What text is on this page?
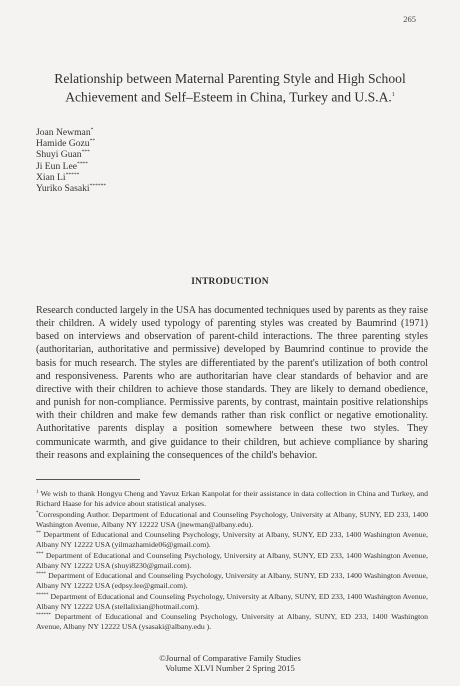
265
Relationship between Maternal Parenting Style and High School Achievement and Self–Esteem in China, Turkey and U.S.A.$^1$
Joan Newman*
Hamide Gozu**
Shuyi Guan***
Ji Eun Lee****
Xian Li*****
Yuriko Sasaki******
INTRODUCTION
Research conducted largely in the USA has documented techniques used by parents as they raise their children. A widely used typology of parenting styles was created by Baumrind (1971) based on interviews and observation of parent-child interactions. The three parenting styles (authoritarian, authoritative and permissive) developed by Baumrind continue to provide the basis for much research. The styles are differentiated by the parent's utilization of both control and responsiveness. Parents who are authoritarian have clear standards of behavior and are directive with their children to achieve those standards. They are likely to demand obedience, and punish for non-compliance. Permissive parents, by contrast, maintain positive relationships with their children and make few demands rather than risk conflict or negative emotionality. Authoritative parents display a position somewhere between these two styles. They communicate warmth, and give guidance to their children, but achieve compliance by sharing their reasons and explaining the consequences of the child's behavior.

$^1$ We wish to thank Hongyu Cheng and Yavuz Erkan Kanpolat for their assistance in data collection in China and Turkey, and Richard Haase for his advice about statistical analyses.

*Corresponding Author. Department of Educational and Counseling Psychology, University at Albany, SUNY, ED 233, 1400 Washington Avenue, Albany NY 12222 USA (jnewman@albany.edu).

** Department of Educational and Counseling Psychology, University at Albany, SUNY, ED 233, 1400 Washington Avenue, Albany NY 12222 USA (yilmazhamide06@gmail.com).

*** Department of Educational and Counseling Psychology, University at Albany, SUNY, ED 233, 1400 Washington Avenue, Albany NY 12222 USA (shuyi8230@gmail.com).

**** Department of Educational and Counseling Psychology, University at Albany, SUNY, ED 233, 1400 Washington Avenue, Albany NY 12222 USA (edpsy.lee@gmail.com).

***** Department of Educational and Counseling Psychology, University at Albany, SUNY, ED 233, 1400 Washington Avenue, Albany NY 12222 USA (stellalixian@hotmail.com).

****** Department of Educational and Counseling Psychology, University at Albany, SUNY, ED 233, 1400 Washington Avenue, Albany NY 12222 USA (ysasaki@albany.edu ).

©Journal of Comparative Family Studies
Volume XLVI Number 2 Spring 2015
